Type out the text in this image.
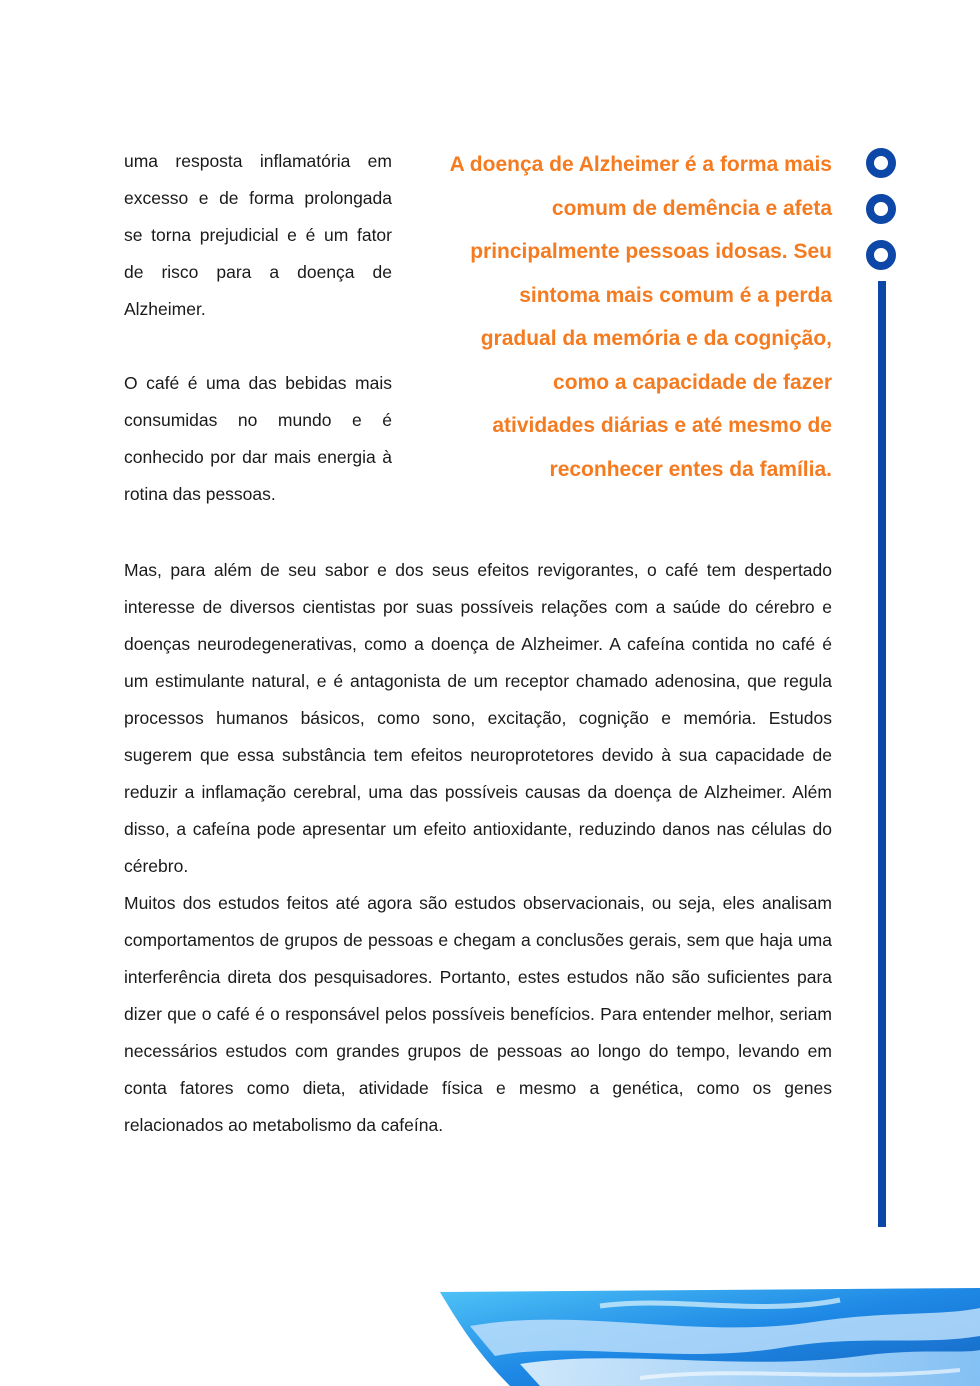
uma resposta inflamatória em excesso e de forma prolongada se torna prejudicial e é um fator de risco para a doença de Alzheimer.

O café é uma das bebidas mais consumidas no mundo e é conhecido por dar mais energia à rotina das pessoas.

A doença de Alzheimer é a forma mais comum de demência e afeta principalmente pessoas idosas. Seu sintoma mais comum é a perda gradual da memória e da cognição, como a capacidade de fazer atividades diárias e até mesmo de reconhecer entes da família.

Mas, para além de seu sabor e dos seus efeitos revigorantes, o café tem despertado interesse de diversos cientistas por suas possíveis relações com a saúde do cérebro e doenças neurodegenerativas, como a doença de Alzheimer. A cafeína contida no café é um estimulante natural, e é antagonista de um receptor chamado adenosina, que regula processos humanos básicos, como sono, excitação, cognição e memória. Estudos sugerem que essa substância tem efeitos neuroprotetores devido à sua capacidade de reduzir a inflamação cerebral, uma das possíveis causas da doença de Alzheimer. Além disso, a cafeína pode apresentar um efeito antioxidante, reduzindo danos nas células do cérebro.

Muitos dos estudos feitos até agora são estudos observacionais, ou seja, eles analisam comportamentos de grupos de pessoas e chegam a conclusões gerais, sem que haja uma interferência direta dos pesquisadores. Portanto, estes estudos não são suficientes para dizer que o café é o responsável pelos possíveis benefícios. Para entender melhor, seriam necessários estudos com grandes grupos de pessoas ao longo do tempo, levando em conta fatores como dieta, atividade física e mesmo a genética, como os genes relacionados ao metabolismo da cafeína.
